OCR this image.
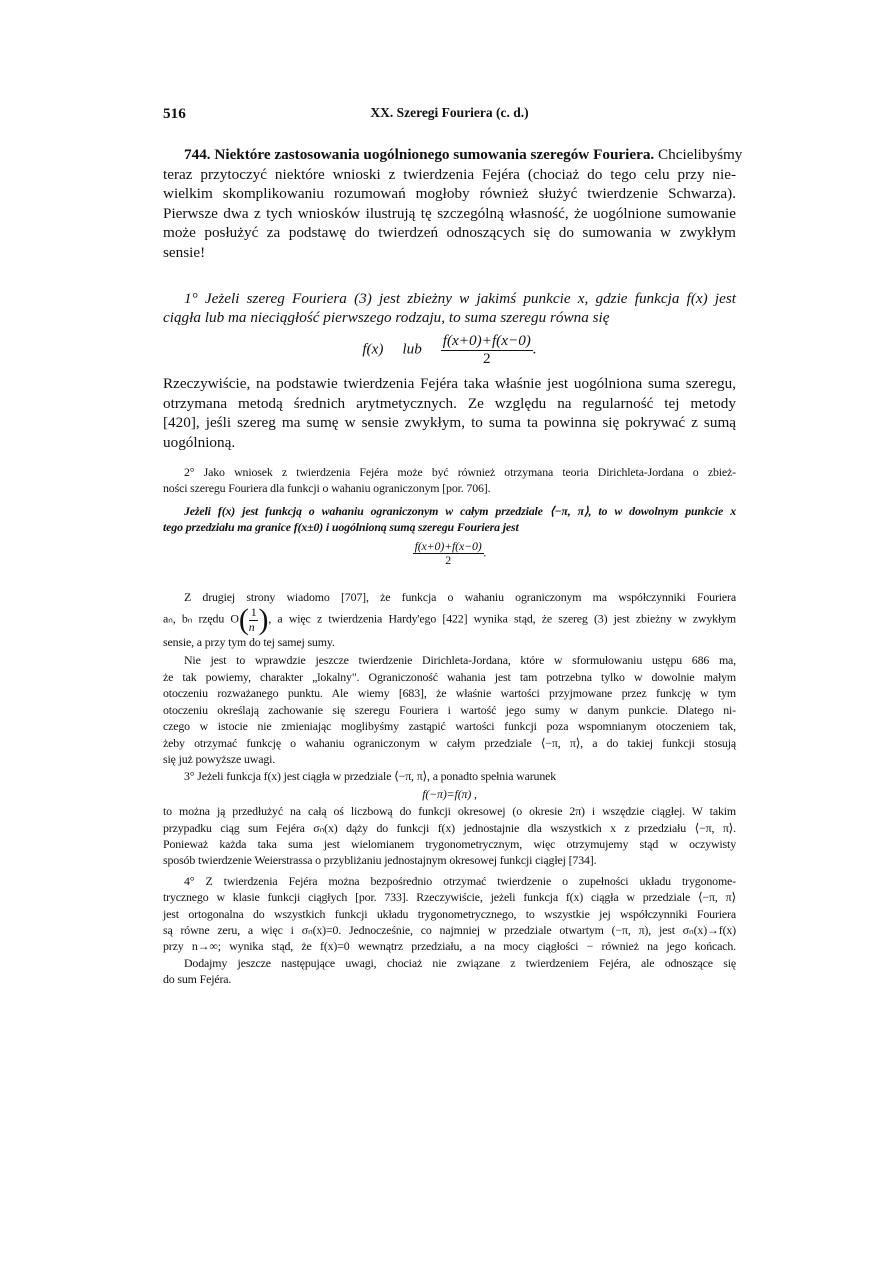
516	XX. Szeregi Fouriera (c. d.)
744. Niektóre zastosowania uogólnionego sumowania szeregów Fouriera. Chcielibyśmy
teraz przytoczyć niektóre wnioski z twierdzenia Fejéra (chociaż do tego celu przy nie-
wielkim skomplikowaniu rozumowań mogłoby również służyć twierdzenie Schwarza).
Pierwsze dwa z tych wniosków ilustrują tę szczególną własność, że uogólnione sumowanie
może posłużyć za podstawę do twierdzeń odnoszących się do sumowania w zwykłym
sensie!
1° Jeżeli szereg Fouriera (3) jest zbieżny w jakimś punkcie x, gdzie funkcja f(x) jest
ciągła lub ma nieciągłość pierwszego rodzaju, to suma szeregu równa się
f(x) lub $\frac{f(x+0)+f(x-0)}{2}$ .
Rzeczywiście, na podstawie twierdzenia Fejéra taka właśnie jest uogólniona suma szeregu,
otrzymana metodą średnich arytmetycznych. Ze względu na regularność tej metody
[420], jeśli szereg ma sumę w sensie zwykłym, to suma ta powinna się pokrywać z sumą
uogólnioną.
2° Jako wniosek z twierdzenia Fejéra może być również otrzymana teoria Dirichleta-Jordana o zbież-
ności szeregu Fouriera dla funkcji o wahaniu ograniczonym [por. 706].
Jeżeli f(x) jest funkcją o wahaniu ograniczonym w całym przedziale ⟨−π, π⟩, to w dowolnym punkcie x
tego przedziału ma granice f(x±0) i uogólnioną sumą szeregu Fouriera jest
$\frac{f(x+0)+f(x-0)}{2}$ .
Z drugiej strony wiadomo [707], że funkcja o wahaniu ograniczonym ma współczynniki Fouriera
aₙ, bₙ rzędu $O( \frac{1}{n}$ ), a więc z twierdzenia Hardy'ego [422] wynika stąd, że szereg (3) jest zbieżny w zwykłym
sensie, a przy tym do tej samej sumy.
Nie jest to wprawdzie jeszcze twierdzenie Dirichleta-Jordana, które w sformułowaniu ustępu 686 ma,
że tak powiemy, charakter „lokalny". Ograniczoność wahania jest tam potrzebna tylko w dowolnie małym
otoczeniu rozważanego punktu. Ale wiemy [683], że właśnie wartości przyjmowane przez funkcję w tym
otoczeniu określają zachowanie się szeregu Fouriera i wartość jego sumy w danym punkcie. Dlatego ni-
czego w istocie nie zmieniając moglibyśmy zastąpić wartości funkcji poza wspomnianym otoczeniem tak,
żeby otrzymać funkcję o wahaniu ograniczonym w całym przedziale ⟨−π, π⟩, a do takiej funkcji stosują
się już powyższe uwagi.
3° Jeżeli funkcja f(x) jest ciągła w przedziale ⟨−π, π⟩, a ponadto spełnia warunek
f(−π)=f(π) ,
to można ją przedłużyć na całą oś liczbową do funkcji okresowej (o okresie 2π) i wszędzie ciągłej. W takim
przypadku ciąg sum Fejéra σₙ(x) dąży do funkcji f(x) jednostajnie dla wszystkich x z przedziału ⟨−π, π⟩.
Ponieważ każda taka suma jest wielomianem trygonometrycznym, więc otrzymujemy stąd w oczywisty
sposób twierdzenie Weierstrassa o przybliżaniu jednostajnym okresowej funkcji ciągłej [734].
4° Z twierdzenia Fejéra można bezpośrednio otrzymać twierdzenie o zupełności układu trygonome-
trycznego w klasie funkcji ciągłych [por. 733]. Rzeczywiście, jeżeli funkcja f(x) ciągła w przedziale ⟨−π, π⟩
jest ortogonalna do wszystkich funkcji układu trygonometrycznego, to wszystkie jej współczynniki Fouriera
są równe zeru, a więc i σₙ(x)=0. Jednocześnie, co najmniej w przedziale otwartym (−π, π), jest σₙ(x)→f(x)
przy n→∞; wynika stąd, że f(x)=0 wewnątrz przedziału, a na mocy ciągłości − również na jego końcach.
Dodajmy jeszcze następujące uwagi, chociaż nie związane z twierdzeniem Fejéra, ale odnoszące się
do sum Fejéra.
